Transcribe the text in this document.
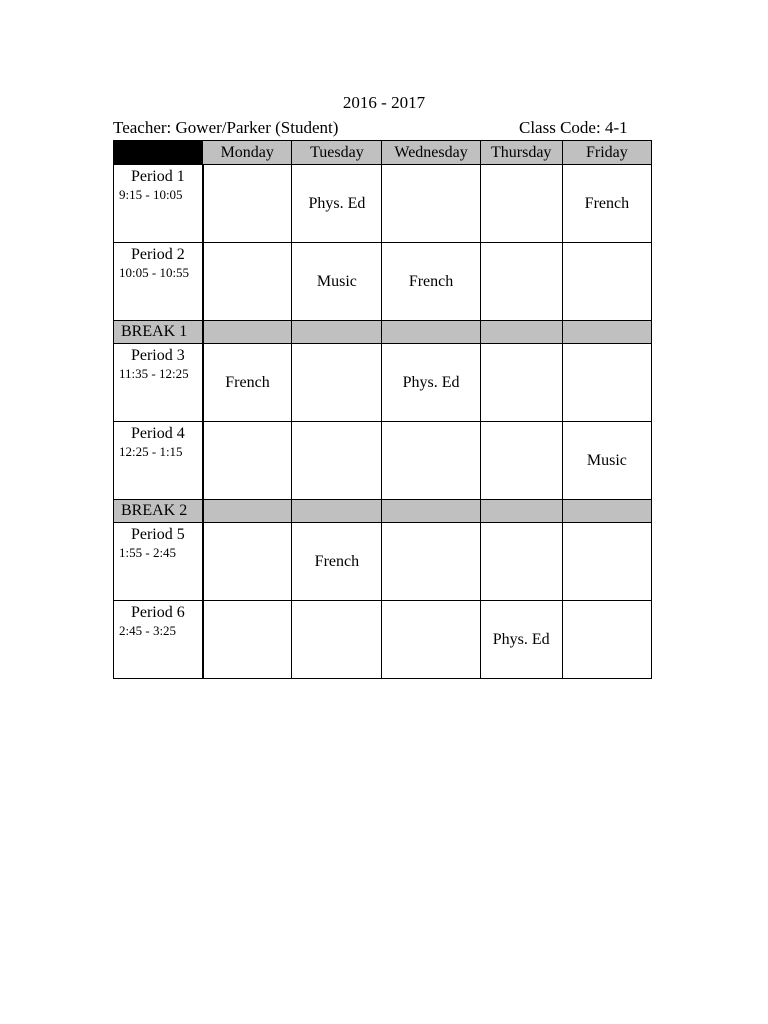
2016 - 2017
Teacher: Gower/Parker (Student)	Class Code: 4-1
	Monday	Tuesday	Wednesday	Thursday	Friday

Period 1
9:15 - 10:05		Phys. Ed			French

Period 2
10:05 - 10:55		Music	French		
BREAK 1					

Period 3
11:35 - 12:25	French		Phys. Ed		

Period 4
12:25 - 1:15					Music
BREAK 2					

Period 5
1:55 - 2:45		French			

Period 6
2:45 - 3:25				Phys. Ed	
